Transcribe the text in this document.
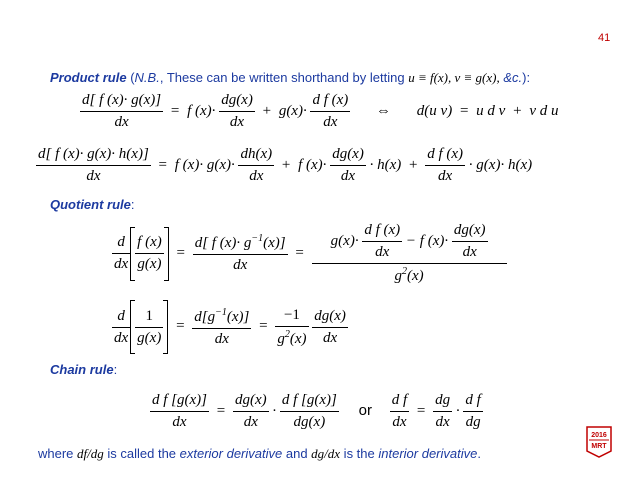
41
Product rule (N.B., These can be written shorthand by letting u ≡ f(x), v ≡ g(x), &c.):
$\frac{d[ f (x)\cdot g(x)]}{dx} = f$ $(x)\cdot \frac{dg(x)}{dx} + g(x)\cdot \frac{\text{d f (x)}}{dx}$ ⇔ d(u v) = u d v + v d u
$\frac{d[ f (x)\cdot g(x)\cdot h(x)]}{dx} = f$ $(x)\cdot g(x)\cdot \frac{dh(x)}{dx} + f$ $(x)\cdot \frac{dg(x)}{dx} \cdot h(x) + \frac{\text{d f (x)}}{dx} \cdot g(x)\cdot h(x)$
Quotient rule:
$\frac{d}{dx} \frac{f (x)}{g(x)} = \frac{d[ f (x)\cdot g^{-1}(x)]}{dx} = \frac{g(x)\cdot \frac{\text{d f (x)}}{dx} - f (x)\cdot \frac{dg(x)}{dx}}{g^2(x)}$
$\frac{d}{dx} \frac{1}{g(x)} = \frac{d[g^{-1}(x)]}{dx} = \frac{-1}{g^2(x)}$
$\frac{dg(x)}{dx}$
Chain rule:
$\frac{\text{d f [g(x)]}}{dx} = \frac{dg(x)}{dx} \cdot \frac{\text{d f [g(x)]}}{dg(x)}$ or $\frac{\text{d f}}{dx} = \frac{dg}{dx} \cdot \frac{\text{d f}}{dg}$
where df/dg is called the exterior derivative and dg/dx is the interior derivative.
2016
MRT
